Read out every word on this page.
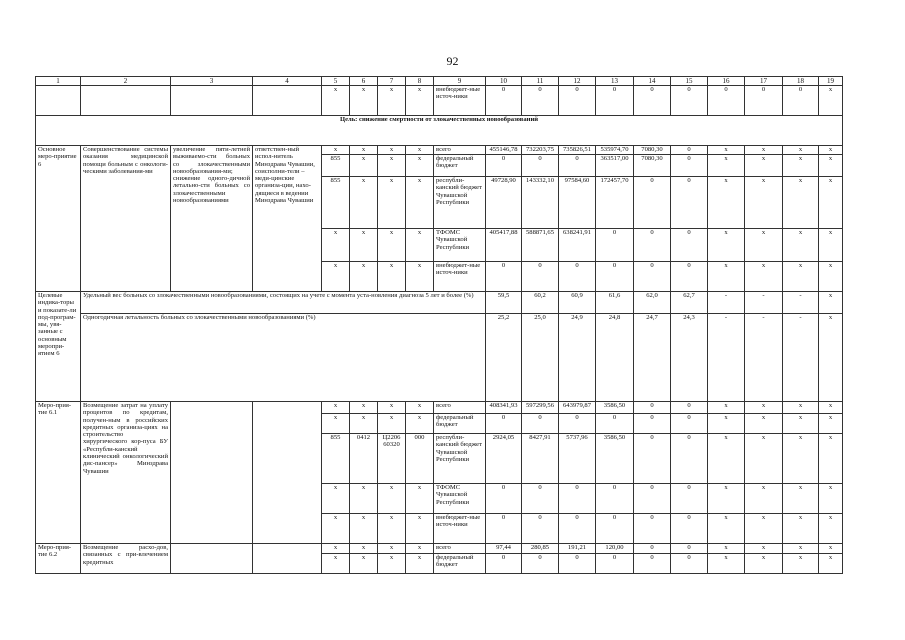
92
1	2	3	4	5	6	7	8	9	10	11	12	13	14	15	16	17	18	19
				x	x	x	x	внебюджет-ные источ-ники	0	0	0	0	0	0	0	0	0	x
Цель: снижение смертности от злокачественных новообразований																		
Основное меро-приятие 6	Совершенствование системы оказания медицинской помощи больным с онкологи-ческими заболевания-ми	увеличение пяти-летней выживаемо-сти больных со злокачественными новообразования-ми; снижение одного-дичной летально-сти больных со злокачественными новообразованиями	ответствен-ный испол-нитель Минздрава Чувашии, соисполни-тели – меди-цинские организа-ции, нахо-дящиеся в ведении Минздрава Чувашии	x	x	x	x	всего	455146,78	732203,75	735826,51	535974,70	7080,30	0	x	x	x	x
				855	x	x	x	федеральный бюджет	0	0	0	363517,00	7080,30	0	x	x	x	x
				855	x	x	x	республи-канский бюджет Чувашской Республики	49728,90	143332,10	97584,60	172457,70	0	0	x	x	x	x
				x	x	x	x	ТФОМС Чувашской Республики	405417,88	588871,65	638241,91	0	0	0	x	x	x	x
				x	x	x	x	внебюджет-ные источ-ники	0	0	0	0	0	0	x	x	x	x
Целевые индика-торы и показате-ли под-програм-мы, увя-занные с основным меропри-ятием 6	Удельный вес больных со злокачественными новообразованиями, состоящих на учете с момента уста-новления диагноза 5 лет и более (%)								59,5	60,2	60,9	61,6	62,0	62,7	-	-	-	x
	Одногодичная летальность больных со злокачественными новообразованиями (%)								25,2	25,0	24,9	24,8	24,7	24,3	-	-	-	x
Меро-прия-тие 6.1	Возмещение затрат на уплату процентов по кредитам, получен-ным в российских кредитных организа-циях на строительство хирургического кор-пуса БУ «Республи-канский клинический онкологический дис-пансер» Минздрава Чувашии			x	x	x	x	всего	408341,93	597299,56	643979,87	3586,50	0	0	x	x	x	x
				x	x	x	x	федеральный бюджет	0	0	0	0	0	0	x	x	x	x
				855	0412	Ц2206 60320	000	республи-канский бюджет Чувашской Республики	2924,05	8427,91	5737,96	3586,50	0	0	x	x	x	x
				x	x	x	x	ТФОМС Чувашской Республики	0	0	0	0	0	0	x	x	x	x
				x	x	x	x	внебюджет-ные источ-ники	0	0	0	0	0	0	x	x	x	x
Меро-прия-тие 6.2	Возмещение расхо-дов, связанных с при-влечением кредитных			x	x	x	x	всего	97,44	280,85	191,21	120,00	0	0	x	x	x	x
				x	x	x	x	федеральный бюджет	0	0	0	0	0	0	x	x	x	x
